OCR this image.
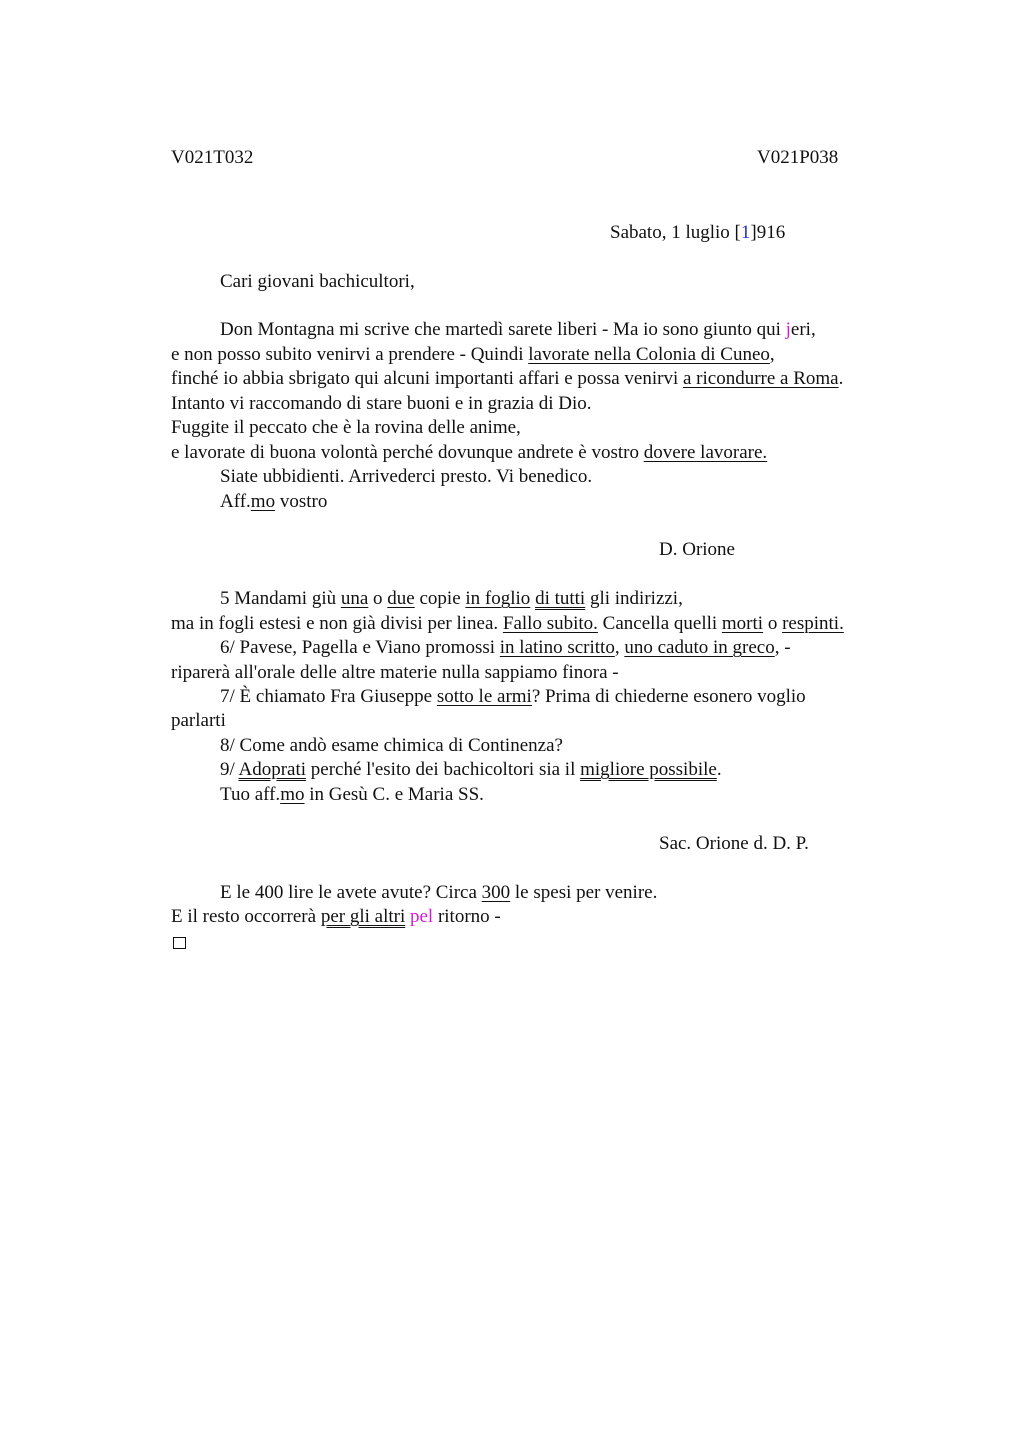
V021T032	V021P038
Sabato, 1 luglio [1]916
Cari giovani bachicultori,
Don Montagna mi scrive che martedì sarete liberi - Ma io sono giunto qui jeri,
e non posso subito venirvi a prendere - Quindi lavorate nella Colonia di Cuneo,
finché io abbia sbrigato qui alcuni importanti affari e possa venirvi a ricondurre a Roma.
Intanto vi raccomando di stare buoni e in grazia di Dio.
Fuggite il peccato che è la rovina delle anime,
e lavorate di buona volontà perché dovunque andrete è vostro dovere lavorare.
Siate ubbidienti. Arrivederci presto. Vi benedico.
Aff.mo vostro
D. Orione
5 Mandami giù una o due copie in foglio di tutti gli indirizzi,
ma in fogli estesi e non già divisi per linea. Fallo subito. Cancella quelli morti o respinti.
6/ Pavese, Pagella e Viano promossi in latino scritto, uno caduto in greco, -
riparerà all'orale delle altre materie nulla sappiamo finora -
7/ È chiamato Fra Giuseppe sotto le armi? Prima di chiederne esonero voglio
parlarti
8/ Come andò esame chimica di Continenza?
9/ Adoprati perché l'esito dei bachicoltori sia il migliore possibile.
Tuo aff.mo in Gesù C. e Maria SS.
Sac. Orione d. D. P.
E le 400 lire le avete avute? Circa 300 le spesi per venire.
E il resto occorrerà per gli altri pel ritorno -
